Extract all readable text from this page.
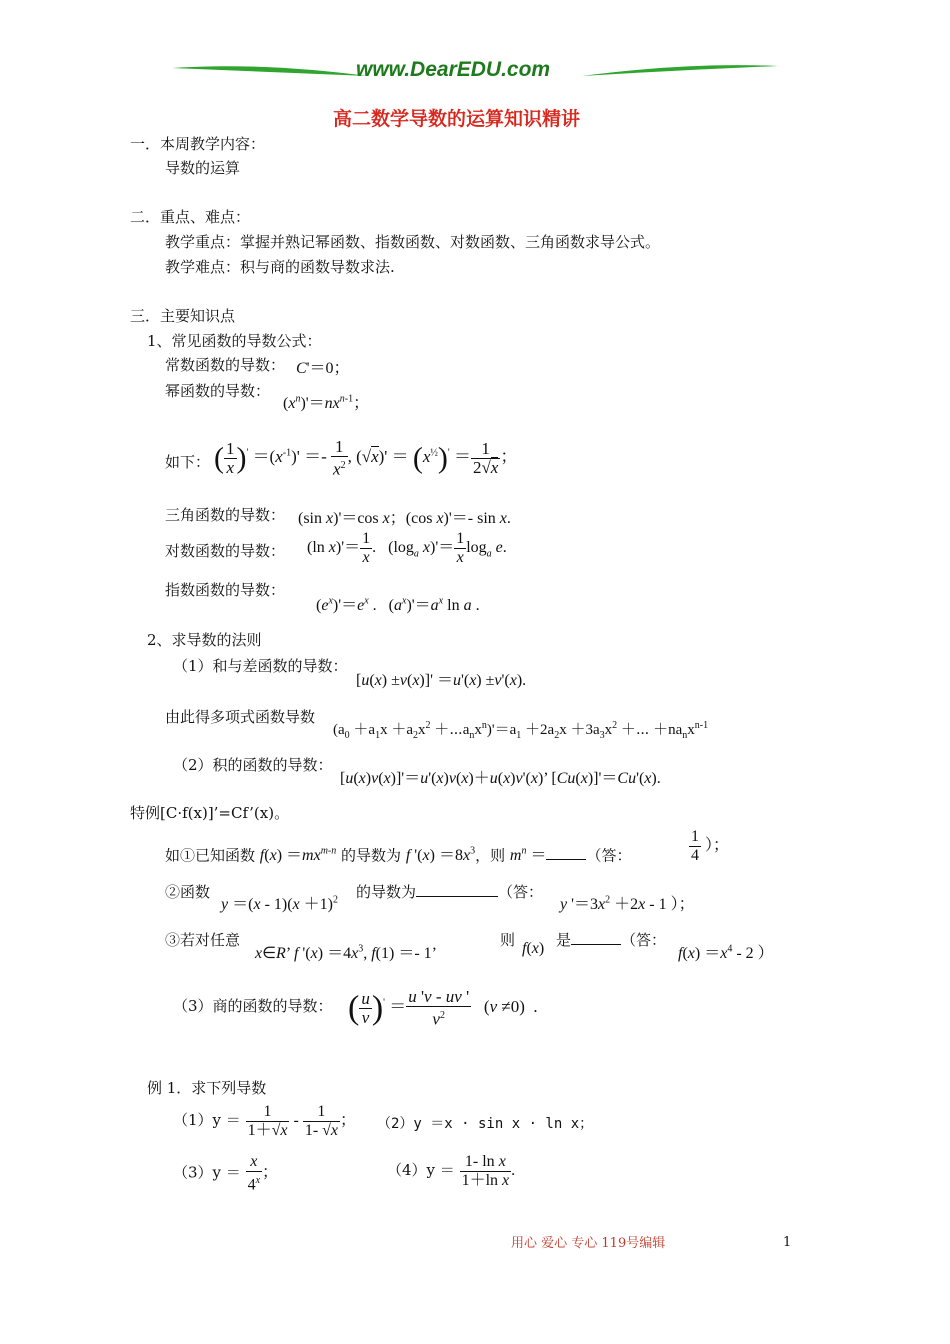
www.DearEDU.com
高二数学导数的运算知识精讲
一．本周教学内容：
导数的运算
二．重点、难点：
教学重点：掌握并熟记幂函数、指数函数、对数函数、三角函数求导公式。
教学难点：积与商的函数导数求法.
三．主要知识点
1、常见函数的导数公式：
常数函数的导数： C'＝0；
幂函数的导数：
$(x^n)'=nx^{n-1}$；
如下： ( $\frac{1}{x} )' =(x^{-1})' =- \frac{1}{x^2}$ , $(√x)' = (x^{\frac{1}{2}})' = \frac{1}{2√x}$ ；
三角函数的导数： (sin x)'＝cos x；(cos x)'＝- sin x.
对数函数的导数： (ln $x)'= \frac{1}{x}$ .   ($\log_a$ $x)'= \frac{1}{x} \log_a e$.
指数函数的导数：
$(e^x)'=e^x$ .   $(a^x)'=a^x$ ln a .
2、求导数的法则
（1）和与差函数的导数：
[u(x) ±v(x)]' ＝u'(x) ±v'(x).
由此得多项式函数导数
($a_0 +a_1x +a_2x^2$ $+\cdots a_nx^n)'=a_1 +2a_2x +3a_3x^2$ ＋⋯ $+na_nx^{n-1}$
（2）积的函数的导数：
[u(x)v(x)]'＝u'(x)v(x)＋u(x)v'(x)’ [Cu(x)]'＝Cu'(x).
特例[C·f(x)]’=Cf’(x)。
如①已知函数 $f(x) =mx^{m-n}$ 的导数为 f '$(x) =8x^3$，则 $m^n$ ＝	（答：	$\frac{1}{4}$ ）；
②函数
$y =(x - 1)(x +1)^2$ 的导数为	（答：
y '$=3x^2 +2x - 1$ ）；
③若对任意
x∈R’ f '$(x) =4x^3$, f(1) ＝- 1’
则 f(x) 是	（答：
$f(x) =x^4 - 2$ ）
（3）商的函数的导数： ( $\frac{u}{v} )' = \frac{u 'v - uv '}{v^2} (v \ne 0)$  .
例 1．求下列导数
$(1)y = \frac{1}{1+√x} - \frac{1}{1- √x}$ ； （2）y ＝x · sin x · ln x；
$(3)y = \frac{x}{4^x}$ ；	$(4)y = \frac{\text{1- ln x}}{\text{1＋ln x}}$ .
用心 爱心 专心 119号编辑	1
